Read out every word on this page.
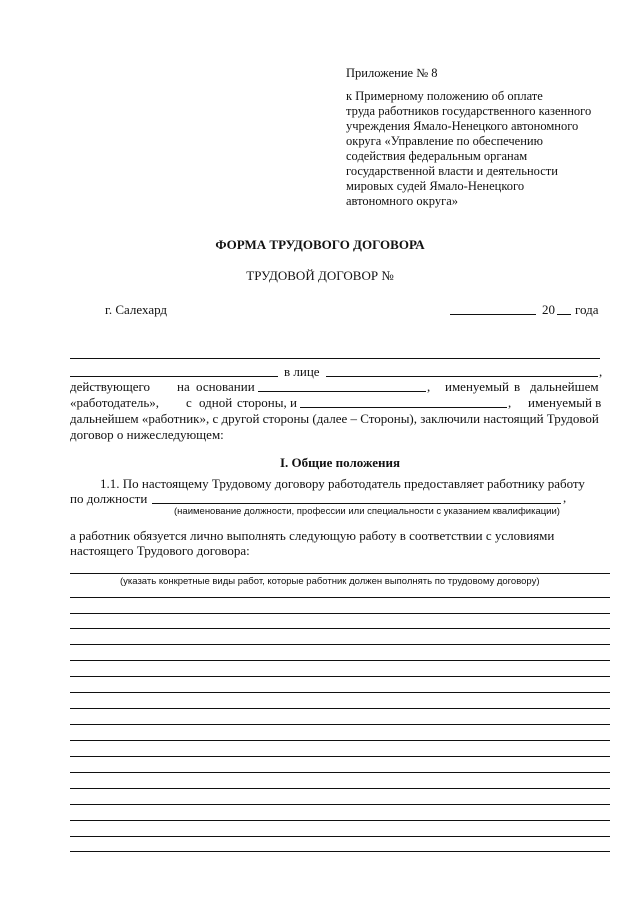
Приложение № 8
к Примерному положению об оплате
труда работников государственного казенного
учреждения Ямало-Ненецкого автономного
округа «Управление по обеспечению
содействия федеральным органам
государственной власти и деятельности
мировых судей Ямало-Ненецкого
автономного округа»
ФОРМА ТРУДОВОГО ДОГОВОРА
ТРУДОВОЙ ДОГОВОР №
г. Салехард	20 года
в лице	,
действующего на основании	, именуемый в дальнейшем
«работодатель», с одной стороны, и	, именуемый в
дальнейшем «работник», с другой стороны (далее – Стороны), заключили настоящий Трудовой
договор о нижеследующем:
I. Общие положения
1.1. По настоящему Трудовому договору работодатель предоставляет работнику работу
по должности	,
(наименование должности, профессии или специальности с указанием квалификации)
а работник обязуется лично выполнять следующую работу в соответствии с условиями
настоящего Трудового договора:
(указать конкретные виды работ, которые работник должен выполнять по трудовому договору)
